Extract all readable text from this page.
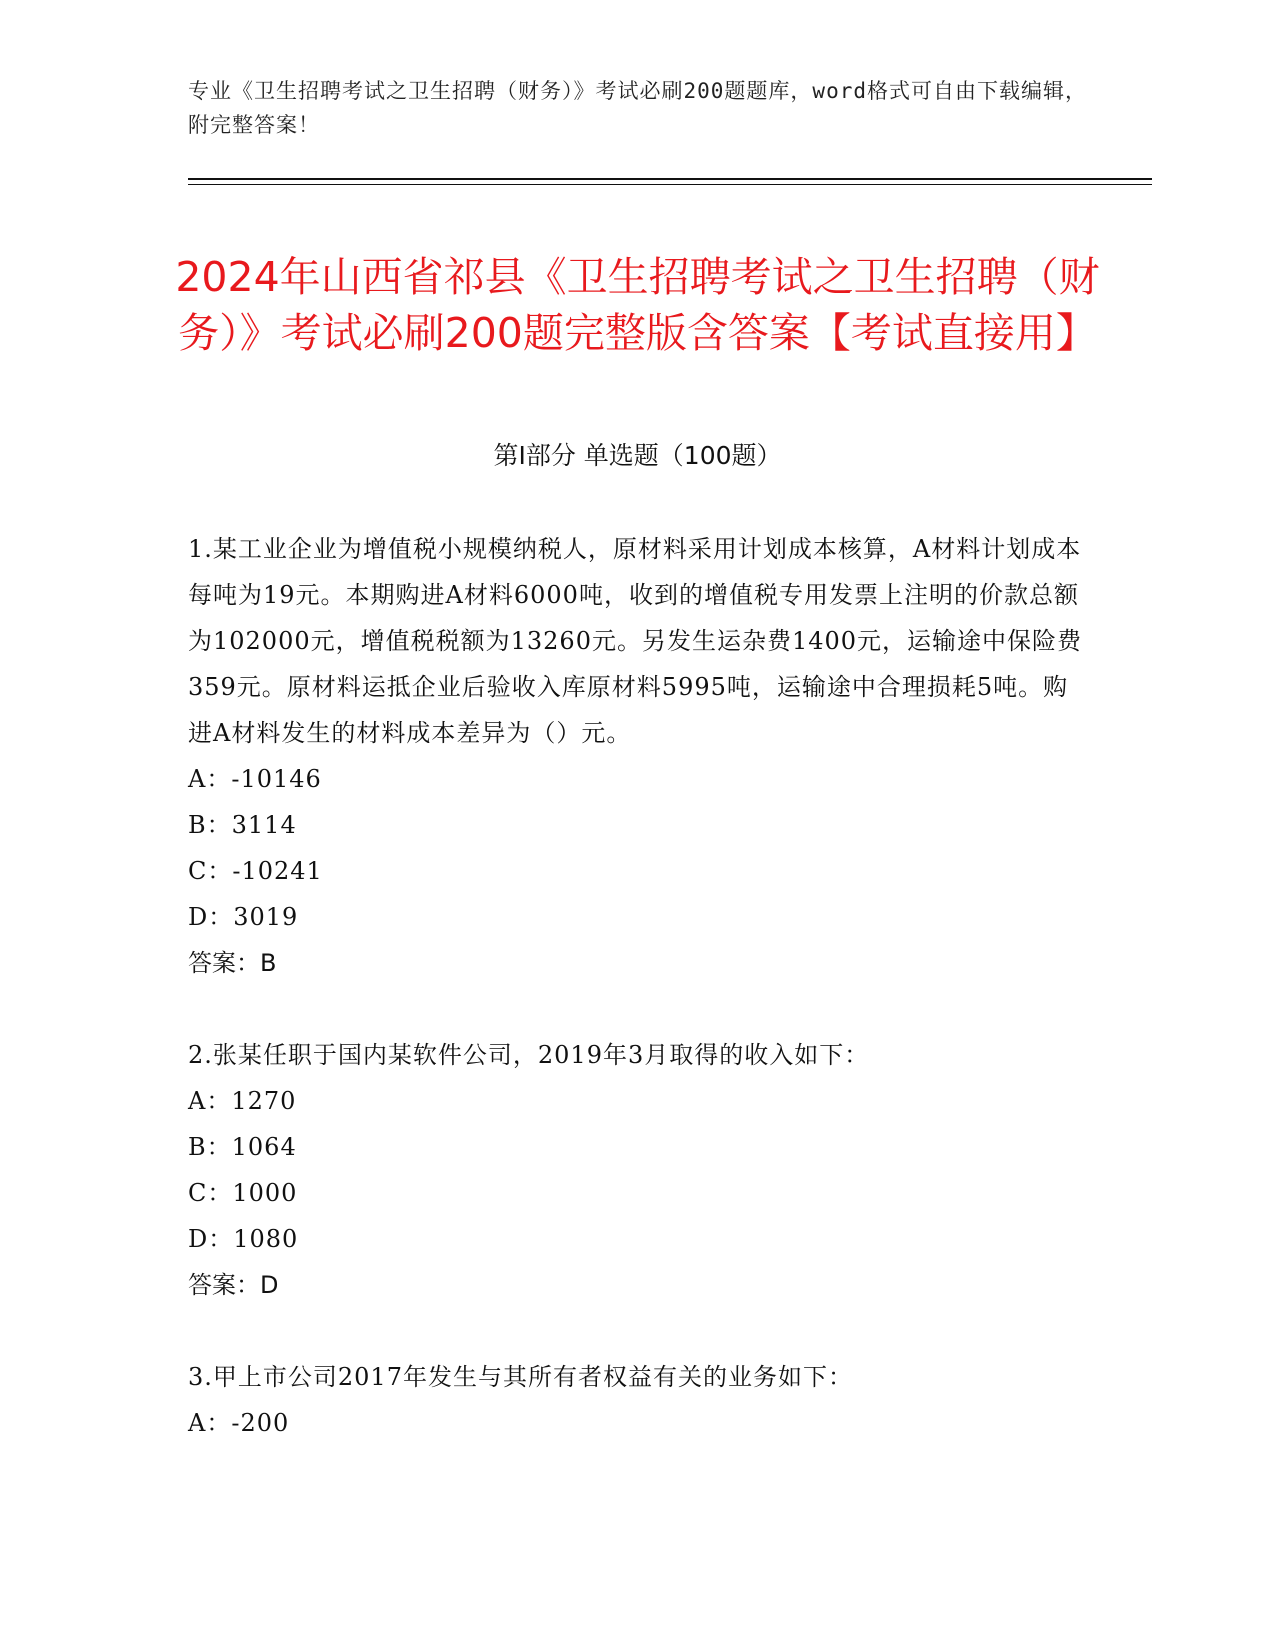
专业《卫生招聘考试之卫生招聘（财务）》考试必刷200题题库，word格式可自由下载编辑，附完整答案！
2024年山西省祁县《卫生招聘考试之卫生招聘（财务）》考试必刷200题完整版含答案【考试直接用】
第I部分 单选题（100题）
1.某工业企业为增值税小规模纳税人，原材料采用计划成本核算，A材料计划成本每吨为19元。本期购进A材料6000吨，收到的增值税专用发票上注明的价款总额为102000元，增值税税额为13260元。另发生运杂费1400元，运输途中保险费359元。原材料运抵企业后验收入库原材料5995吨，运输途中合理损耗5吨。购进A材料发生的材料成本差异为（）元。
A：-10146
B：3114
C：-10241
D：3019
答案：B
2.张某任职于国内某软件公司，2019年3月取得的收入如下：
A：1270
B：1064
C：1000
D：1080
答案：D
3.甲上市公司2017年发生与其所有者权益有关的业务如下：
A：-200
